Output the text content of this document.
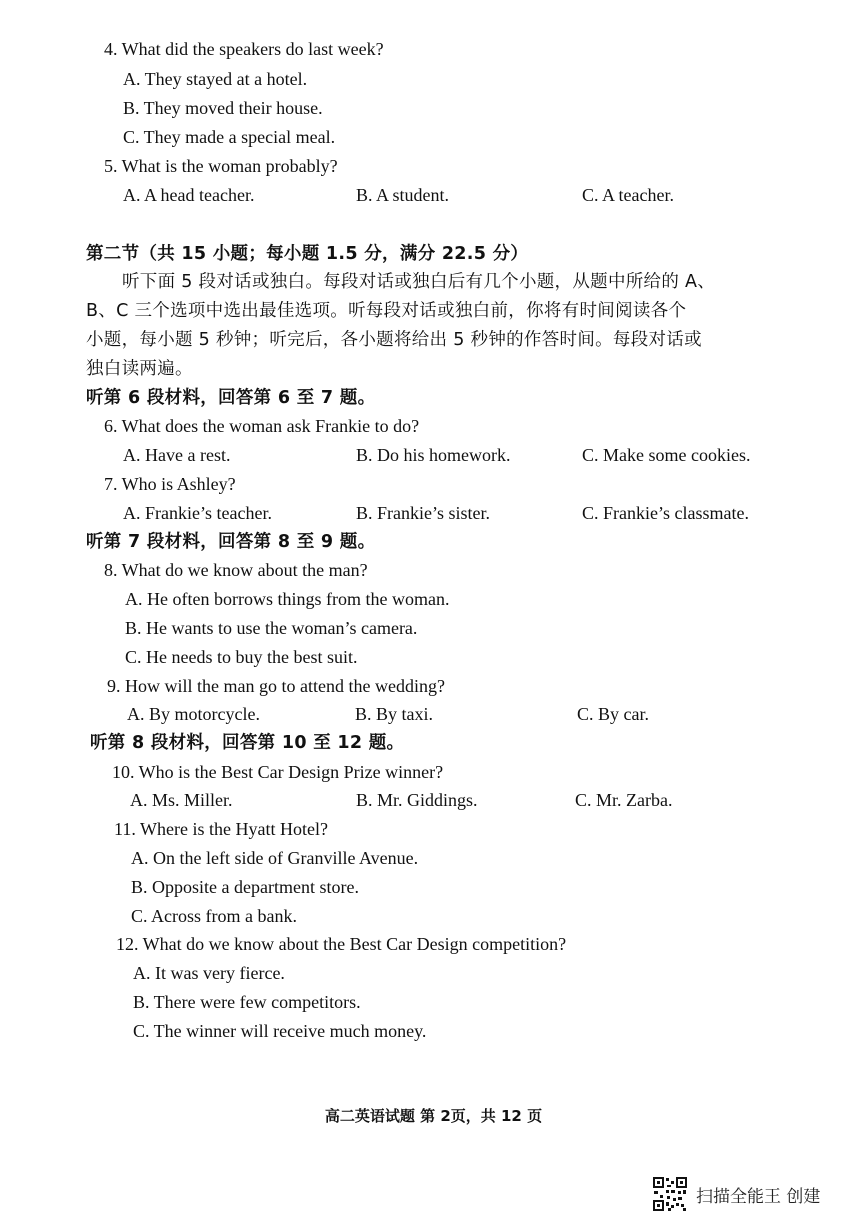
4. What did the speakers do last week?
A. They stayed at a hotel.
B. They moved their house.
C. They made a special meal.
5. What is the woman probably?
A. A head teacher.	B. A student.	C. A teacher.
第二节（共 15 小题；每小题 1.5 分，满分 22.5 分）
听下面 5 段对话或独白。每段对话或独白后有几个小题，从题中所给的 A、
B、C 三个选项中选出最佳选项。听每段对话或独白前，你将有时间阅读各个
小题，每小题 5 秒钟；听完后，各小题将给出 5 秒钟的作答时间。每段对话或
独白读两遍。
听第 6 段材料，回答第 6 至 7 题。
6. What does the woman ask Frankie to do?
A. Have a rest.	B. Do his homework.	C. Make some cookies.
7. Who is Ashley?
A. Frankie’s teacher.	B. Frankie’s sister.	C. Frankie’s classmate.
听第 7 段材料，回答第 8 至 9 题。
8. What do we know about the man?
A. He often borrows things from the woman.
B. He wants to use the woman’s camera.
C. He needs to buy the best suit.
9. How will the man go to attend the wedding?
A. By motorcycle.	B. By taxi.	C. By car.
听第 8 段材料，回答第 10 至 12 题。
10. Who is the Best Car Design Prize winner?
A. Ms. Miller.	B. Mr. Giddings.	C. Mr. Zarba.
11. Where is the Hyatt Hotel?
A. On the left side of Granville Avenue.
B. Opposite a department store.
C. Across from a bank.
12. What do we know about the Best Car Design competition?
A. It was very fierce.
B. There were few competitors.
C. The winner will receive much money.
高二英语试题 第 2页，共 12 页
扫描全能王 创建
